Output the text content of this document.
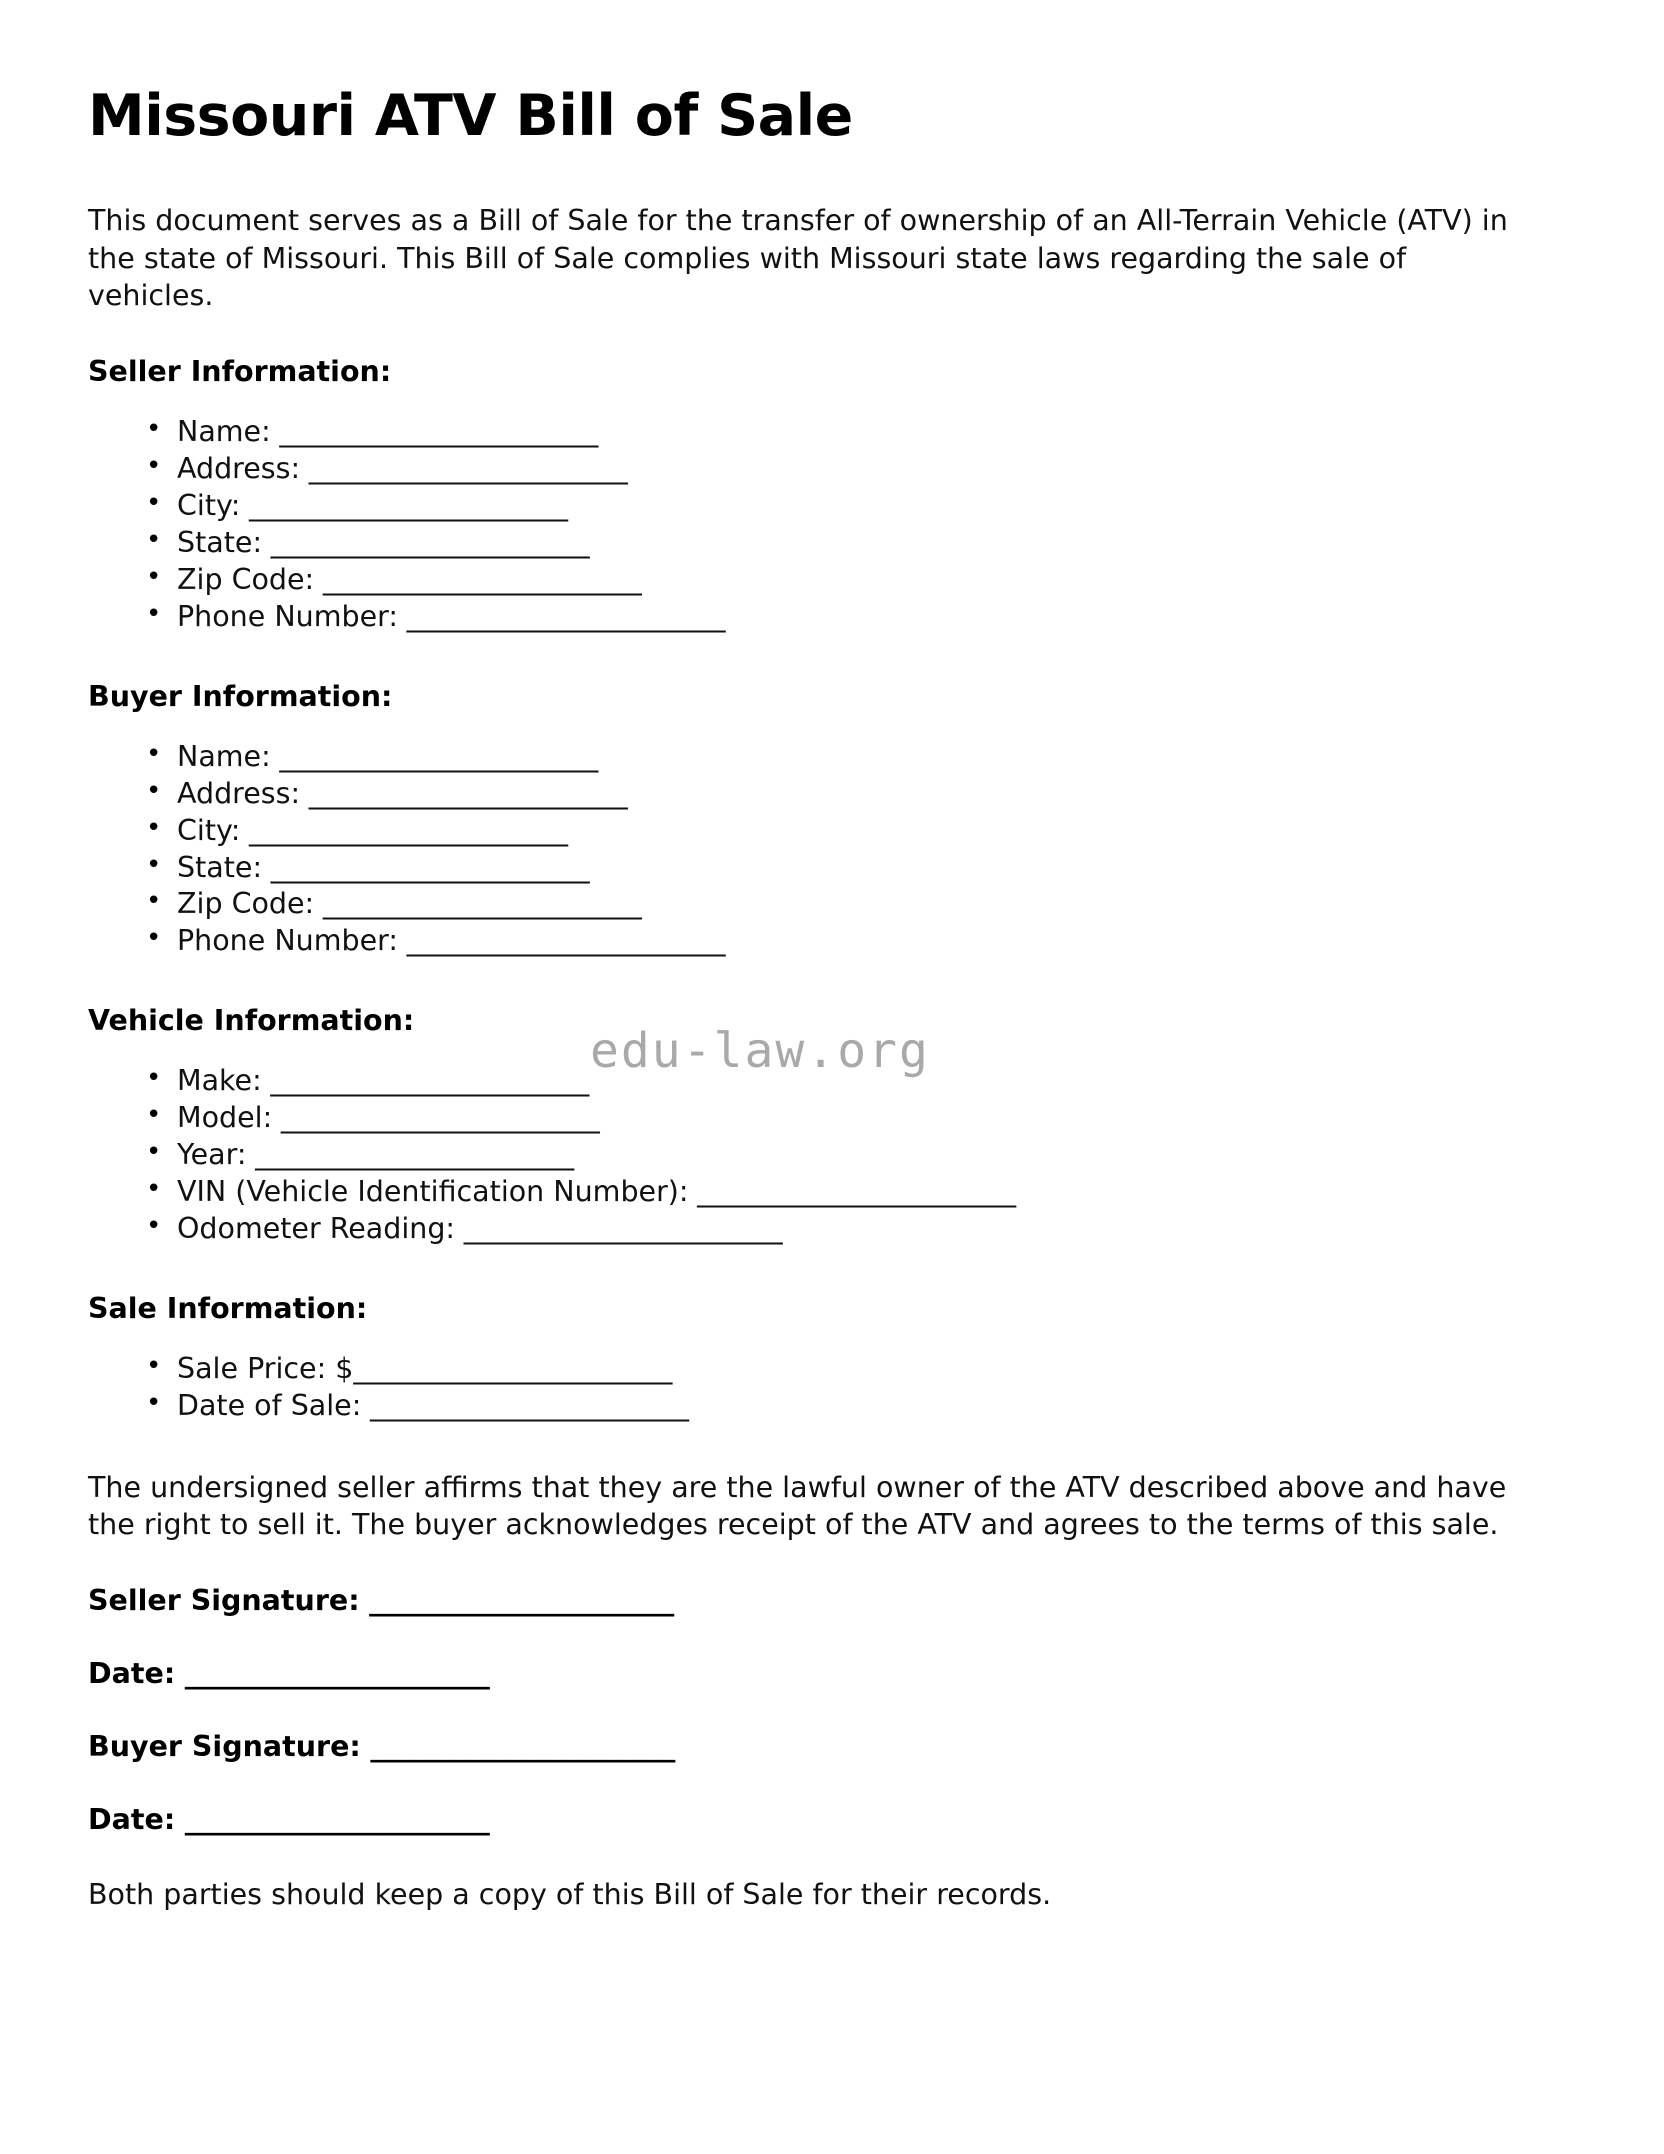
Missouri ATV Bill of Sale

This document serves as a Bill of Sale for the transfer of ownership of an All-Terrain Vehicle (ATV) in the state of Missouri. This Bill of Sale complies with Missouri state laws regarding the sale of vehicles.

Seller Information:
• Name: _______________________
• Address: _______________________
• City: _______________________
• State: _______________________
• Zip Code: _______________________
• Phone Number: _______________________
Buyer Information:
• Name: _______________________
• Address: _______________________
• City: _______________________
• State: _______________________
• Zip Code: _______________________
• Phone Number: _______________________
Vehicle Information:
edu-law.org
• Make: _______________________
• Model: _______________________
• Year: _______________________
• VIN (Vehicle Identification Number): _______________________
• Odometer Reading: _______________________
Sale Information:
• Sale Price: $_______________________
• Date of Sale: _______________________

The undersigned seller affirms that they are the lawful owner of the ATV described above and have the right to sell it. The buyer acknowledges receipt of the ATV and agrees to the terms of this sale.

Seller Signature: ______________________
Date: ______________________
Buyer Signature: ______________________
Date: ______________________

Both parties should keep a copy of this Bill of Sale for their records.
